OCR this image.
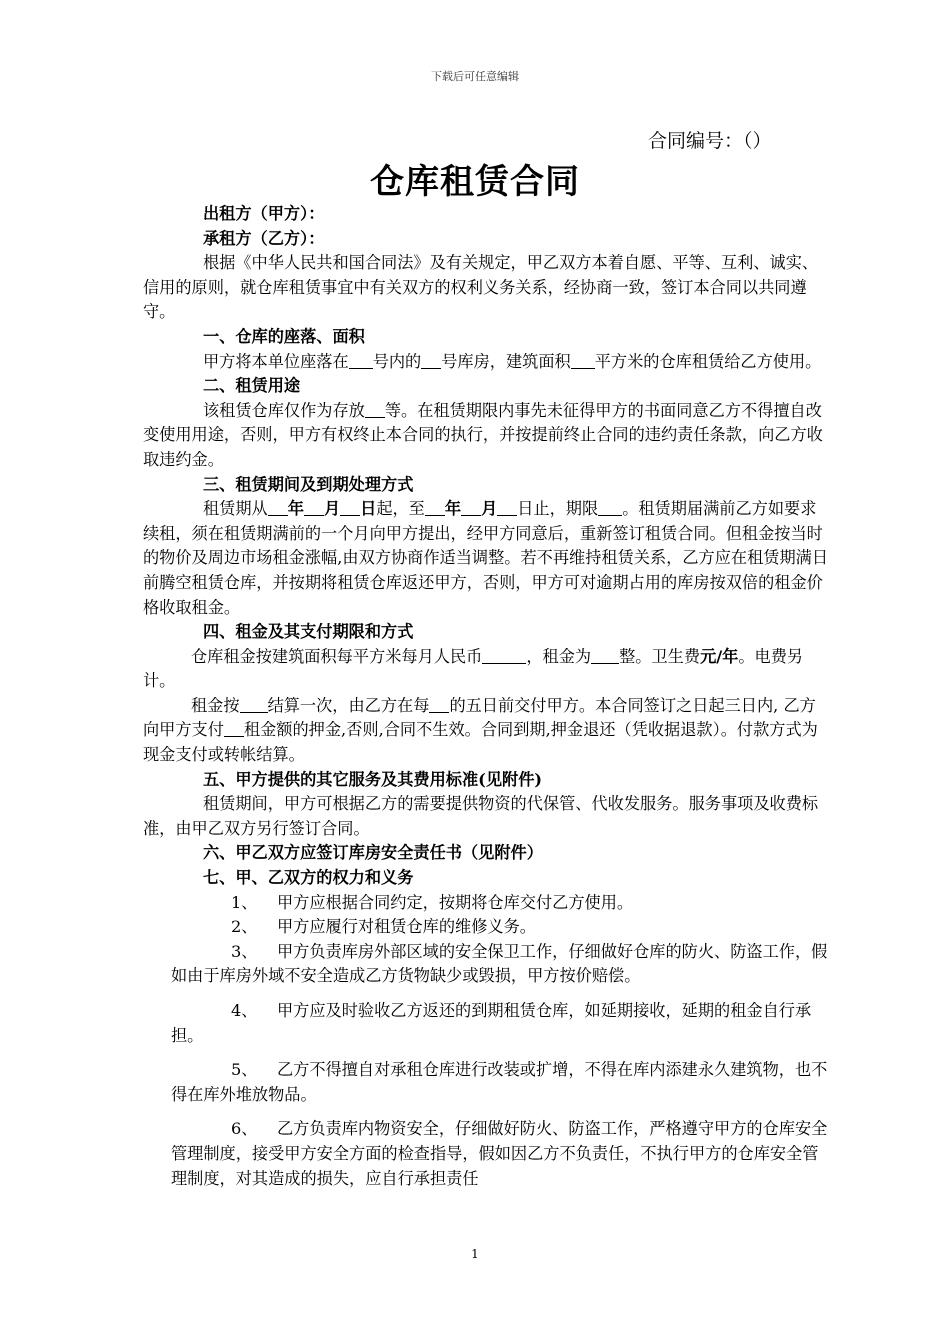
下载后可任意编辑
合同编号：（）
仓库租赁合同

出租方（甲方）：

承租方（乙方）：

根据《中华人民共和国合同法》及有关规定，甲乙双方本着自愿、平等、互利、诚实、信用的原则，就仓库租赁事宜中有关双方的权利义务关系，经协商一致，签订本合同以共同遵守。

一、仓库的座落、面积

甲方将本单位座落在 号内的 号库房，建筑面积 平方米的仓库租赁给乙方使用。

二、租赁用途

该租赁仓库仅作为存放 等。在租赁期限内事先未征得甲方的书面同意乙方不得擅自改变使用用途，否则，甲方有权终止本合同的执行，并按提前终止合同的违约责任条款，向乙方收取违约金。

三、租赁期间及到期处理方式

租赁期从 年 月 日起，至 年 月 日止，期限 。租赁期届满前乙方如要求续租，须在租赁期满前的一个月向甲方提出，经甲方同意后，重新签订租赁合同。但租金按当时的物价及周边市场租金涨幅,由双方协商作适当调整。若不再维持租赁关系，乙方应在租赁期满日前腾空租赁仓库，并按期将租赁仓库返还甲方，否则，甲方可对逾期占用的库房按双倍的租金价格收取租金。

四、租金及其支付期限和方式

仓库租金按建筑面积每平方米每月人民币	，租金为 整。卫生费元/年。电费另计。

租金按 结算一次，由乙方在每 的五日前交付甲方。本合同签订之日起三日内, 乙方向甲方支付 租金额的押金,否则,合同不生效。合同到期,押金退还（凭收据退款）。付款方式为现金支付或转帐结算。

五、甲方提供的其它服务及其费用标准(见附件)

租赁期间，甲方可根据乙方的需要提供物资的代保管、代收发服务。服务事项及收费标准，由甲乙双方另行签订合同。

六、甲乙双方应签订库房安全责任书（见附件）

七、甲、乙双方的权力和义务

1、 甲方应根据合同约定，按期将仓库交付乙方使用。

2、 甲方应履行对租赁仓库的维修义务。

3、 甲方负责库房外部区域的安全保卫工作，仔细做好仓库的防火、防盗工作，假如由于库房外域不安全造成乙方货物缺少或毁损，甲方按价赔偿。

4、 甲方应及时验收乙方返还的到期租赁仓库，如延期接收，延期的租金自行承担。

5、 乙方不得擅自对承租仓库进行改装或扩增，不得在库内添建永久建筑物，也不得在库外堆放物品。

6、 乙方负责库内物资安全，仔细做好防火、防盗工作，严格遵守甲方的仓库安全管理制度，接受甲方安全方面的检查指导，假如因乙方不负责任，不执行甲方的仓库安全管理制度，对其造成的损失，应自行承担责任

1
